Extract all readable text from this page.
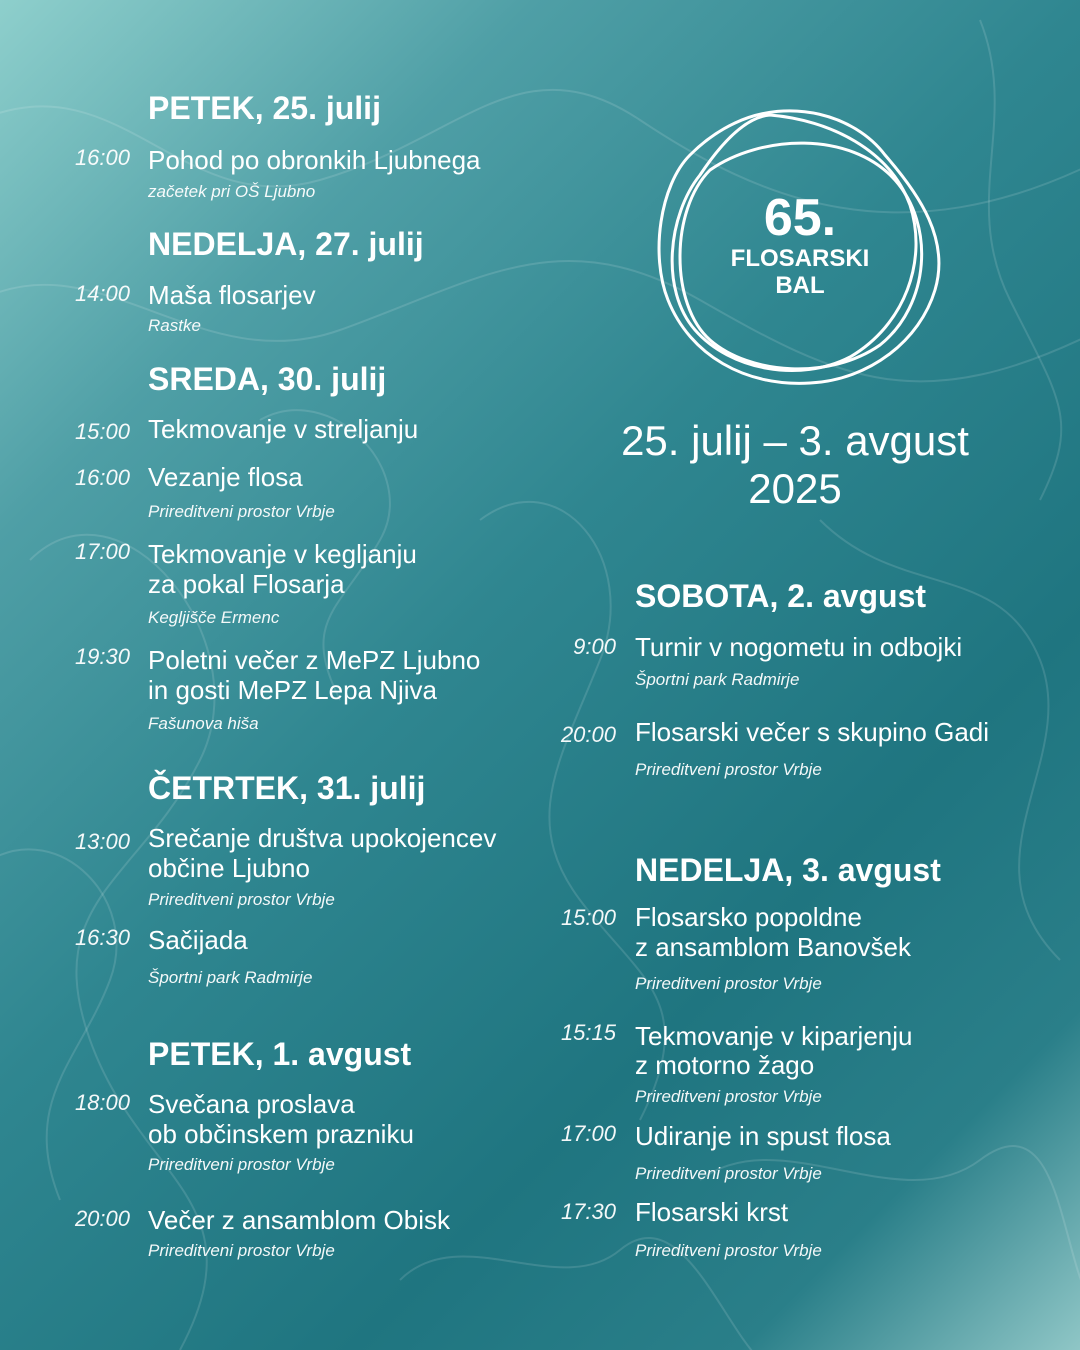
65.
FLOSARSKI
BAL
25. julij – 3. avgust
2025
PETEK, 25. julij
16:00 Pohod po obronkih Ljubnega
začetek pri OŠ Ljubno
NEDELJA, 27. julij
14:00 Maša flosarjev
Rastke
SREDA, 30. julij
15:00 Tekmovanje v streljanju
16:00 Vezanje flosa
Prireditveni prostor Vrbje
17:00 Tekmovanje v kegljanju
za pokal Flosarja
Kegljišče Ermenc
19:30 Poletni večer z MePZ Ljubno
in gosti MePZ Lepa Njiva
Fašunova hiša
ČETRTEK, 31. julij
13:00 Srečanje društva upokojencev
občine Ljubno
Prireditveni prostor Vrbje
16:30 Sačijada
Športni park Radmirje
PETEK, 1. avgust
18:00 Svečana proslava
ob občinskem prazniku
Prireditveni prostor Vrbje
20:00 Večer z ansamblom Obisk
Prireditveni prostor Vrbje
SOBOTA, 2. avgust
9:00 Turnir v nogometu in odbojki
Športni park Radmirje
20:00 Flosarski večer s skupino Gadi
Prireditveni prostor Vrbje
NEDELJA, 3. avgust
15:00 Flosarsko popoldne
z ansamblom Banovšek
Prireditveni prostor Vrbje
15:15 Tekmovanje v kiparjenju
z motorno žago
Prireditveni prostor Vrbje
17:00 Udiranje in spust flosa
Prireditveni prostor Vrbje
17:30 Flosarski krst
Prireditveni prostor Vrbje
